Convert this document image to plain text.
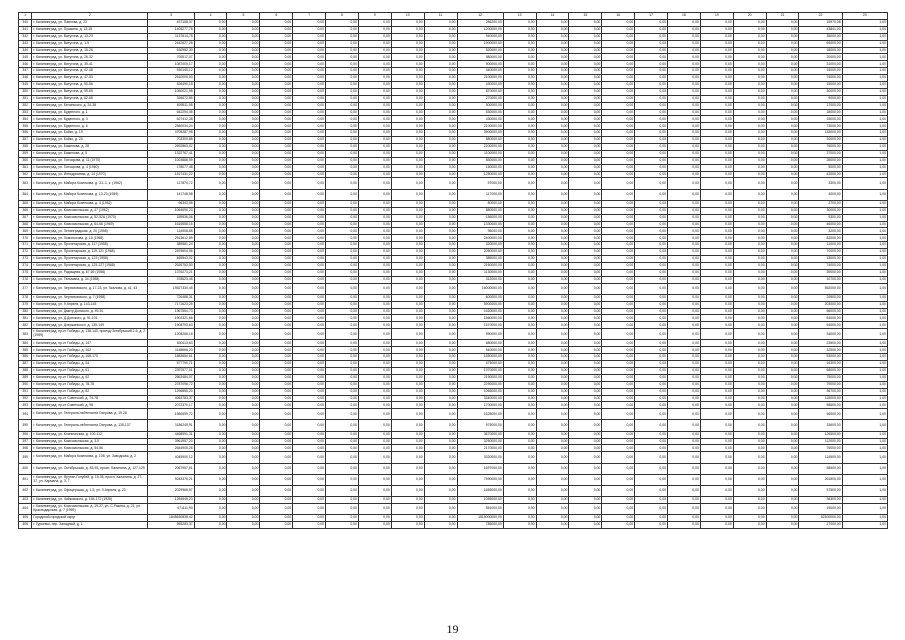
1	2	3	4	5	6	7	8	9	10	11	12	13	14	15	16	17	18	19	20	21	22	23
340	г. Калининград, ул. Павлова, д. 23	437158,37	0,00	0,00	0,00	0,00	0,00	0,00	0,00	0,00	286200,00	0,00	0,00	0,00	0,00	0,00	0,00	0,00	0,00	0,00	15970,08	1,00
341	г. Калининград, ул. Пушкина, д. 13-15	1405277,78	0,00	0,00	0,00	0,00	0,00	0,00	0,00	0,00	1200000,00	0,00	0,00	0,00	0,00	0,00	0,00	0,00	0,00	0,00	43841,00	1,00
342	г. Калининград, ул. Ватутина, д. 13-23	1137614,78	0,00	0,00	0,00	0,00	0,00	0,00	0,00	0,00	940000,00	0,00	0,00	0,00	0,00	0,00	0,00	0,00	0,00	0,00	35000,00	1,00
343	г. Калининград, ул. Ватутина, д. 1-5	2442627,28	0,00	0,00	0,00	0,00	0,00	0,00	0,00	0,00	1900000,00	0,00	0,00	0,00	0,00	0,00	0,00	0,00	0,00	0,00	69000,00	1,00
344	г. Калининград, ул. Ватутина, д. 16-26	630982,30	0,00	0,00	0,00	0,00	0,00	0,00	0,00	0,00	520000,00	0,00	0,00	0,00	0,00	0,00	0,00	0,00	0,00	0,00	18000,00	1,00
345	г. Калининград, ул. Ватутина, д. 26-32	700517,07	0,00	0,00	0,00	0,00	0,00	0,00	0,00	0,00	580000,00	0,00	0,00	0,00	0,00	0,00	0,00	0,00	0,00	0,00	20000,00	1,00
346	г. Калининград, ул. Ватутина, д. 35-41	1087000,17	0,00	0,00	0,00	0,00	0,00	0,00	0,00	0,00	900000,00	0,00	0,00	0,00	0,00	0,00	0,00	0,00	0,00	0,00	31000,00	1,00
347	г. Калининград, ул. Ватутина, д. 42-48	530145,12	0,00	0,00	0,00	0,00	0,00	0,00	0,00	0,00	440000,00	0,00	0,00	0,00	0,00	0,00	0,00	0,00	0,00	0,00	15000,00	1,00
348	г. Калининград, ул. Ватутина, д. 47-53	2610000,00	0,00	0,00	0,00	0,00	0,00	0,00	0,00	0,00	2100000,00	0,00	0,00	0,00	0,00	0,00	0,00	0,00	0,00	0,00	74000,00	1,00
349	г. Калининград, ул. Ватутина, д. 50-56	526490,15	0,00	0,00	0,00	0,00	0,00	0,00	0,00	0,00	430000,00	0,00	0,00	0,00	0,00	0,00	0,00	0,00	0,00	0,00	15000,00	1,00
350	г. Калининград, ул. Ватутина, д. 59-65	1060021,98	0,00	0,00	0,00	0,00	0,00	0,00	0,00	0,00	870000,00	0,00	0,00	0,00	0,00	0,00	0,00	0,00	0,00	0,00	30000,00	1,00
351	г. Калининград, ул. Ватутина, д. 62-68	326672,55	0,00	0,00	0,00	0,00	0,00	0,00	0,00	0,00	270000,00	0,00	0,00	0,00	0,00	0,00	0,00	0,00	0,00	0,00	9000,00	1,00
352	г. Калининград, ул. Белинского, д. 24-38	609511,55	0,00	0,00	0,00	0,00	0,00	0,00	0,00	0,00	500000,00	0,00	0,00	0,00	0,00	0,00	0,00	0,00	0,00	0,00	17000,00	1,00
353	г. Калининград, ул. Буденного, д. 1	642294,08	0,00	0,00	0,00	0,00	0,00	0,00	0,00	0,00	530000,00	0,00	0,00	0,00	0,00	0,00	0,00	0,00	0,00	0,00	18000,00	1,00
354	г. Калининград, ул. Буденного, д. 3	527412,38	0,00	0,00	0,00	0,00	0,00	0,00	0,00	0,00	430000,00	0,00	0,00	0,00	0,00	0,00	0,00	0,00	0,00	0,00	15000,00	1,00
355	г. Калининград, ул. Буденного, д. 6	2580034,24	0,00	0,00	0,00	0,00	0,00	0,00	0,00	0,00	2100000,00	0,00	0,00	0,00	0,00	0,00	0,00	0,00	0,00	0,00	73000,00	1,00
356	г. Калининград, ул. Бойко, д. 19	4705287,98	0,00	0,00	0,00	0,00	0,00	0,00	0,00	0,00	3900000,00	0,00	0,00	0,00	0,00	0,00	0,00	0,00	0,00	0,00	133000,00	1,00
357	г. Калининград, ул. Бойко, д. 20	702300,88	0,00	0,00	0,00	0,00	0,00	0,00	0,00	0,00	580000,00	0,00	0,00	0,00	0,00	0,00	0,00	0,00	0,00	0,00	20000,00	1,00
358	г. Калининград, ул. Баженова, д. 28	2692863,02	0,00	0,00	0,00	0,00	0,00	0,00	0,00	0,00	2200000,00	0,00	0,00	0,00	0,00	0,00	0,00	0,00	0,00	0,00	76000,00	1,00
359	г. Калининград, ул. Баженова, д. 5	1322767,41	0,00	0,00	0,00	0,00	0,00	0,00	0,00	0,00	1100000,00	0,00	0,00	0,00	0,00	0,00	0,00	0,00	0,00	0,00	37000,00	1,00
360	г. Калининград, ул. Гончарова, д. 11 (1970)	1003886,59	0,00	0,00	0,00	0,00	0,00	0,00	0,00	0,00	830000,00	0,00	0,00	0,00	0,00	0,00	0,00	0,00	0,00	0,00	28000,00	1,00
361	г. Калининград, ул. Гончарова, д. 4 (1960)	178077,48	0,00	0,00	0,00	0,00	0,00	0,00	0,00	0,00	150000,00	0,00	0,00	0,00	0,00	0,00	0,00	0,00	0,00	0,00	5000,00	1,00
362	г. Калининград, ул. Ипподромная, д. 14 (1970)	1517431,22	0,00	0,00	0,00	0,00	0,00	0,00	0,00	0,00	1250000,00	0,00	0,00	0,00	0,00	0,00	0,00	0,00	0,00	0,00	43000,00	1,00
363	г. Калининград, ул. Майора Козенкова, д. 3-1-1, к. (1962)	117874,72	0,00	0,00	0,00	0,00	0,00	0,00	0,00	0,00	97000,00	0,00	0,00	0,00	0,00	0,00	0,00	0,00	0,00	0,00	3300,00	1,00
364	г. Калининград, ул. Майора Козенкова, д. 13-23 (1959)	141748,58	0,00	0,00	0,00	0,00	0,00	0,00	0,00	0,00	117000,00	0,00	0,00	0,00	0,00	0,00	0,00	0,00	0,00	0,00	4000,00	1,00
365	г. Калининград, ул. Майора Козенкова, д. 4 (1952)	96343,55	0,00	0,00	0,00	0,00	0,00	0,00	0,00	0,00	80000,00	0,00	0,00	0,00	0,00	0,00	0,00	0,00	0,00	0,00	2700,00	1,00
366	г. Калининград, ул. Комсомольская, д. 47 (1962)	1064690,23	0,00	0,00	0,00	0,00	0,00	0,00	0,00	0,00	880000,00	0,00	0,00	0,00	0,00	0,00	0,00	0,00	0,00	0,00	30000,00	1,00
367	г. Калининград, ул. Комсомольская, д. 52-52А (1970)	189536,06	0,00	0,00	0,00	0,00	0,00	0,00	0,00	0,00	156000,00	0,00	0,00	0,00	0,00	0,00	0,00	0,00	0,00	0,00	5300,00	1,00
368	г. Калининград, ул. Комсомольская, д. 64-66 (1969)	1615558,16	0,00	0,00	0,00	0,00	0,00	0,00	0,00	0,00	1330000,00	0,00	0,00	0,00	0,00	0,00	0,00	0,00	0,00	0,00	46000,00	1,00
369	г. Калининград, ул. Ленинградская, д. 20 (1958)	114908,85	0,00	0,00	0,00	0,00	0,00	0,00	0,00	0,00	95000,00	0,00	0,00	0,00	0,00	0,00	0,00	0,00	0,00	0,00	3200,00	1,00
370	г. Калининград, ул. Ломоносова, д. 15 (1958)	2913612,89	0,00	0,00	0,00	0,00	0,00	0,00	0,00	0,00	2400000,00	0,00	0,00	0,00	0,00	0,00	0,00	0,00	0,00	0,00	82000,00	1,00
371	г. Калининград, ул. Пролетарская, д. 117 (1958)	389581,24	0,00	0,00	0,00	0,00	0,00	0,00	0,00	0,00	320000,00	0,00	0,00	0,00	0,00	0,00	0,00	0,00	0,00	0,00	11000,00	1,00
372	г. Калининград, ул. Пролетарская, д. 119-121 (1968)	2493604,06	0,00	0,00	0,00	0,00	0,00	0,00	0,00	0,00	2050000,00	0,00	0,00	0,00	0,00	0,00	0,00	0,00	0,00	0,00	70000,00	1,00
373	г. Калининград, ул. Пролетарская, д. 123 (1958)	465543,02	0,00	0,00	0,00	0,00	0,00	0,00	0,00	0,00	385000,00	0,00	0,00	0,00	0,00	0,00	0,00	0,00	0,00	0,00	13000,00	1,00
374	г. Калининград, ул. Пролетарская, д. 125-127 (1968)	2626753,50	0,00	0,00	0,00	0,00	0,00	0,00	0,00	0,00	2160000,00	0,00	0,00	0,00	0,00	0,00	0,00	0,00	0,00	0,00	74000,00	1,00
375	г. Калининград, ул. Радищева, д. 67-69 (1958)	1376273,21	0,00	0,00	0,00	0,00	0,00	0,00	0,00	0,00	1130000,00	0,00	0,00	0,00	0,00	0,00	0,00	0,00	0,00	0,00	39000,00	1,00
376	г. Калининград, ул. Тельмана, д. 34 (1958)	378623,45	0,00	0,00	0,00	0,00	0,00	0,00	0,00	0,00	312000,00	0,00	0,00	0,00	0,00	0,00	0,00	0,00	0,00	0,00	10700,00	1,00
377	г. Калининград, ул. Черняховского, д. 17-23, ул. Чкалова, д. 41, 43	19527330,45	0,00	0,00	0,00	0,00	0,00	0,00	0,00	0,00	16000000,00	0,00	0,00	0,00	0,00	0,00	0,00	0,00	0,00	0,00	552000,00	1,00
378	г. Калининград, ул. Черняховского, д. 7 (1958)	726488,31	0,00	0,00	0,00	0,00	0,00	0,00	0,00	0,00	600000,00	0,00	0,00	0,00	0,00	0,00	0,00	0,00	0,00	0,00	20500,00	1,00
379	г. Калининград, ул. 9 Апреля, д. 143-145	7171623,25	0,00	0,00	0,00	0,00	0,00	0,00	0,00	0,00	5900000,00	0,00	0,00	0,00	0,00	0,00	0,00	0,00	0,00	0,00	203000,00	1,00
380	г. Калининград, ул. Дмитр.Донского, д. 49-51	1967554,73	0,00	0,00	0,00	0,00	0,00	0,00	0,00	0,00	1620000,00	0,00	0,00	0,00	0,00	0,00	0,00	0,00	0,00	0,00	56000,00	1,00
381	г. Калининград, ул. Д.Донского, д. 91-101	1902321,66	0,00	0,00	0,00	0,00	0,00	0,00	0,00	0,00	1560000,00	0,00	0,00	0,00	0,00	0,00	0,00	0,00	0,00	0,00	54000,00	1,00
382	г. Калининград, ул. Дзержинского, д. 135-149	1908793,63	0,00	0,00	0,00	0,00	0,00	0,00	0,00	0,00	1570000,00	0,00	0,00	0,00	0,00	0,00	0,00	0,00	0,00	0,00	54000,00	1,00
383	г. Калининград, пр-кт Победы, д. 138-140, проезд Октябрьский 2-6, д. 2 (1959)	1208268,18	0,00	0,00	0,00	0,00	0,00	0,00	0,00	0,00	990000,00	0,00	0,00	0,00	0,00	0,00	0,00	0,00	0,00	0,00	34000,00	1,00
384	г. Калининград, пр-кт Победы, д. 147	830113,63	0,00	0,00	0,00	0,00	0,00	0,00	0,00	0,00	680000,00	0,00	0,00	0,00	0,00	0,00	0,00	0,00	0,00	0,00	23500,00	1,00
385	г. Калининград, пр-кт Победы, д. 162	1148666,23	0,00	0,00	0,00	0,00	0,00	0,00	0,00	0,00	940000,00	0,00	0,00	0,00	0,00	0,00	0,00	0,00	0,00	0,00	32500,00	1,00
386	г. Калининград, пр-кт Победы, д. 168-170	1883654,61	0,00	0,00	0,00	0,00	0,00	0,00	0,00	0,00	1550000,00	0,00	0,00	0,00	0,00	0,00	0,00	0,00	0,00	0,00	53000,00	1,00
387	г. Калининград, пр-кт Победы, д. 54	577790,71	0,00	0,00	0,00	0,00	0,00	0,00	0,00	0,00	475000,00	0,00	0,00	0,00	0,00	0,00	0,00	0,00	0,00	0,00	16300,00	1,00
388	г. Калининград, пр-кт Победы, д. 61	2397577,01	0,00	0,00	0,00	0,00	0,00	0,00	0,00	0,00	1970000,00	0,00	0,00	0,00	0,00	0,00	0,00	0,00	0,00	0,00	68000,00	1,00
389	г. Калининград, пр-кт Победы, д. 62	2663484,07	0,00	0,00	0,00	0,00	0,00	0,00	0,00	0,00	2190000,00	0,00	0,00	0,00	0,00	0,00	0,00	0,00	0,00	0,00	75000,00	1,00
390	г. Калининград, пр-кт Победы, д. 78-78	2787098,72	0,00	0,00	0,00	0,00	0,00	0,00	0,00	0,00	2290000,00	0,00	0,00	0,00	0,00	0,00	0,00	0,00	0,00	0,00	79000,00	1,00
391	г. Калининград, пр-кт Победы, д. 82	1296855,20	0,00	0,00	0,00	0,00	0,00	0,00	0,00	0,00	1065000,00	0,00	0,00	0,00	0,00	0,00	0,00	0,00	0,00	0,00	36700,00	1,00
392	г. Калининград, пр-кт Советский, д. 74-78	4063783,37	0,00	0,00	0,00	0,00	0,00	0,00	0,00	0,00	3340000,00	0,00	0,00	0,00	0,00	0,00	0,00	0,00	0,00	0,00	115000,00	1,00
393	г. Калининград, пр-кт Советский, д. 98	2072370,17	0,00	0,00	0,00	0,00	0,00	0,00	0,00	0,00	1700000,00	0,00	0,00	0,00	0,00	0,00	0,00	0,00	0,00	0,00	58600,00	1,00
394	г. Калининград, ул. Генерала-лейтенанта Озерова, д. 19-28	1980599,72	0,00	0,00	0,00	0,00	0,00	0,00	0,00	0,00	1625000,00	0,00	0,00	0,00	0,00	0,00	0,00	0,00	0,00	0,00	56000,00	1,00
395	г. Калининград, ул. Генерала-лейтенанта Озерова, д. 135-137	1186249,91	0,00	0,00	0,00	0,00	0,00	0,00	0,00	0,00	975000,00	0,00	0,00	0,00	0,00	0,00	0,00	0,00	0,00	0,00	33600,00	1,00
396	г. Калининград, ул. Клиническая, д. 100-112	4468591,31	0,00	0,00	0,00	0,00	0,00	0,00	0,00	0,00	3670000,00	0,00	0,00	0,00	0,00	0,00	0,00	0,00	0,00	0,00	126500,00	1,00
397	г. Калининград, ул. Комсомольская, д. 3-9	3961957,20	0,00	0,00	0,00	0,00	0,00	0,00	0,00	0,00	3250000,00	0,00	0,00	0,00	0,00	0,00	0,00	0,00	0,00	0,00	112000,00	1,00
398	г. Калининград, ул. Комсомольская, д. 54-56	2644905,26	0,00	0,00	0,00	0,00	0,00	0,00	0,00	0,00	2170000,00	0,00	0,00	0,00	0,00	0,00	0,00	0,00	0,00	0,00	75000,00	1,00
399	г. Калининград, ул. Майора Козенкова, д. 108, ул. Заводская, д. 2	4045900,12	0,00	0,00	0,00	0,00	0,00	0,00	0,00	0,00	3320000,00	0,00	0,00	0,00	0,00	0,00	0,00	0,00	0,00	0,00	114500,00	1,00
400	г. Калининград, ул. Октябрьская, д. 83-93, просп. Калинина, д. 127-129	2067957,51	0,00	0,00	0,00	0,00	0,00	0,00	0,00	0,00	1697000,00	0,00	0,00	0,00	0,00	0,00	0,00	0,00	0,00	0,00	58500,00	1,00
401	г. Калининград, ул. Фрунзе-Голубей, д. 19-35, просп. Калинина, д. 27-37, ул. Кармана, д. 3, 7	9243376,21	0,00	0,00	0,00	0,00	0,00	0,00	0,00	0,00	7590000,00	0,00	0,00	0,00	0,00	0,00	0,00	0,00	0,00	0,00	261500,00	1,00
402	г. Калининград, ул. Офицерская, д. 1-5, ул. 9 Апреля, д. 20	2029966,57	0,00	0,00	0,00	0,00	0,00	0,00	0,00	0,00	1665000,00	0,00	0,00	0,00	0,00	0,00	0,00	0,00	0,00	0,00	57500,00	1,00
403	г. Калининград, ул. Чайковского, д. 164-172 (1928)	1284545,23	0,00	0,00	0,00	0,00	0,00	0,00	0,00	0,00	1055000,00	0,00	0,00	0,00	0,00	0,00	0,00	0,00	0,00	0,00	36300,00	1,00
404	г. Калининград, ул. Комсомольская, д. 19-27, ул. С.Разина, д. 21, ул. Краснодарская, д. 7 (1959)	671111,90	0,00	0,00	0,00	0,00	0,00	0,00	0,00	0,00	551000,00	0,00	0,00	0,00	0,00	0,00	0,00	0,00	0,00	0,00	19000,00	1,00
405	Городской городской округ	1845630838,42	0,00	0,00	0,00	0,00	0,00	0,00	0,00	0,00	1515000000,00	0,00	0,00	0,00	0,00	0,00	0,00	0,00	0,00	0,00	52300000,00	1,00
406	г. Гурьевск, пер. Западный, д. 1	955283,37	0,00	0,00	0,00	0,00	0,00	0,00	0,00	0,00	785000,00	0,00	0,00	0,00	0,00	0,00	0,00	0,00	0,00	0,00	27000,00	1,00
19
